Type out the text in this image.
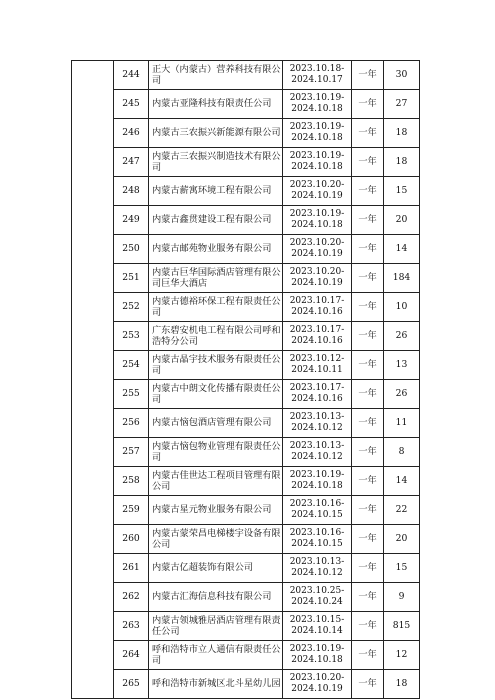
	244	正大（内蒙古）营养科技有限公司	2023.10.18-
2024.10.17	一年	30
	245	内蒙古亚隆科技有限责任公司	2023.10.19-
2024.10.18	一年	27
	246	内蒙古三农振兴新能源有限公司	2023.10.19-
2024.10.18	一年	18
	247	内蒙古三农振兴制造技术有限公司	2023.10.19-
2024.10.18	一年	18
	248	内蒙古薪寓环境工程有限公司	2023.10.20-
2024.10.19	一年	15
	249	内蒙古鑫贯建设工程有限公司	2023.10.19-
2024.10.18	一年	20
	250	内蒙古邮苑物业服务有限公司	2023.10.20-
2024.10.19	一年	14
	251	内蒙古巨华国际酒店管理有限公司巨华大酒店	2023.10.20-
2024.10.19	一年	184
	252	内蒙古德裕环保工程有限责任公司	2023.10.17-
2024.10.16	一年	10
	253	广东碧安机电工程有限公司呼和浩特分公司	2023.10.17-
2024.10.16	一年	26
	254	内蒙古晶宇技术服务有限责任公司	2023.10.12-
2024.10.11	一年	13
	255	内蒙古中朗文化传播有限责任公司	2023.10.17-
2024.10.16	一年	26
	256	内蒙古恼包酒店管理有限公司	2023.10.13-
2024.10.12	一年	11
	257	内蒙古恼包物业管理有限责任公司	2023.10.13-
2024.10.12	一年	8
	258	内蒙古佳世达工程项目管理有限公司	2023.10.19-
2024.10.18	一年	14
	259	内蒙古星元物业服务有限公司	2023.10.16-
2024.10.15	一年	22
	260	内蒙古蒙荣昌电梯楼宇设备有限公司	2023.10.16-
2024.10.15	一年	20
	261	内蒙古亿超装饰有限公司	2023.10.13-
2024.10.12	一年	15
	262	内蒙古汇海信息科技有限公司	2023.10.25-
2024.10.24	一年	9
	263	内蒙古领城雅居酒店管理有限责任公司	2023.10.15-
2024.10.14	一年	815
	264	呼和浩特市立人通信有限责任公司	2023.10.19-
2024.10.18	一年	12
	265	呼和浩特市新城区北斗星幼儿园	2023.10.20-
2024.10.19	一年	18
